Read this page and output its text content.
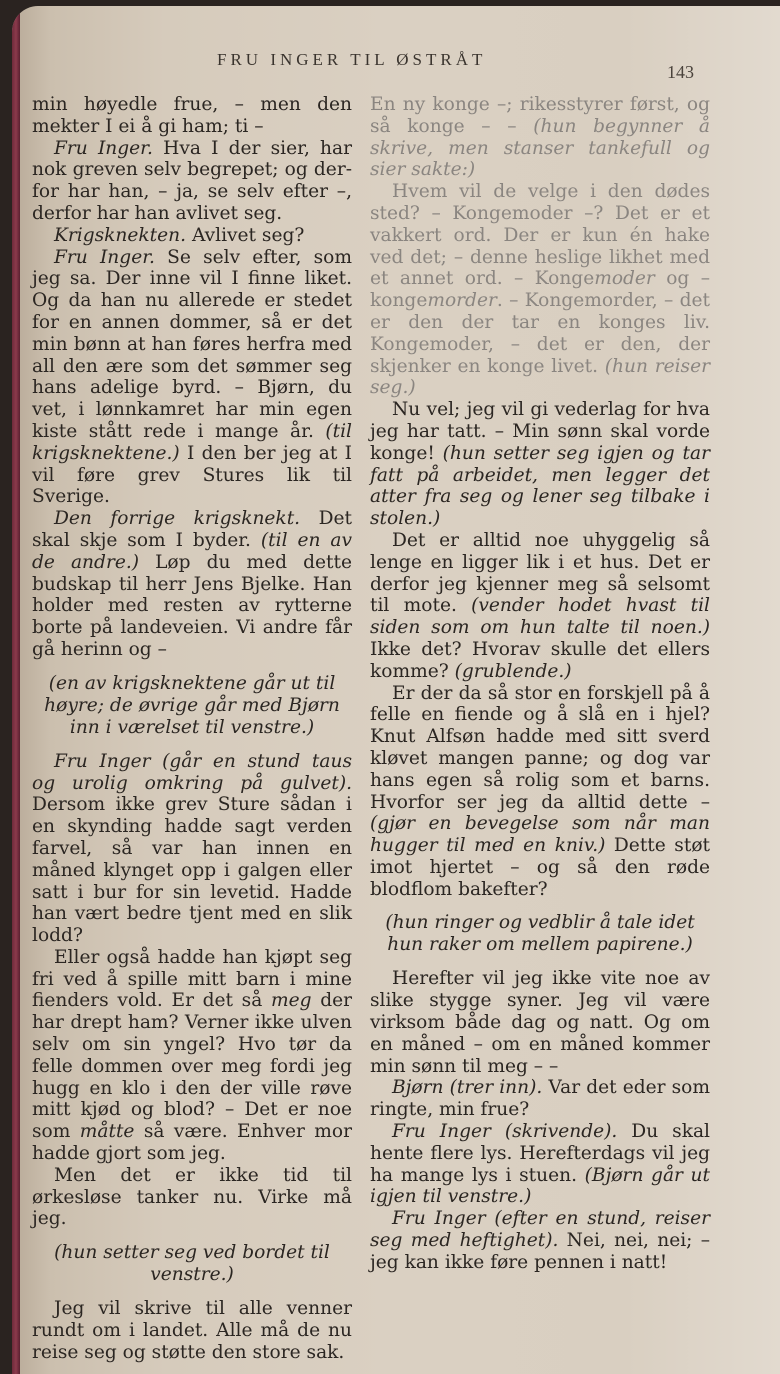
FRU INGER TIL ØSTRÅT
143

min høyedle frue, – men den mekter I ei å gi ham; ti –

Fru Inger. Hva I der sier, har nok greven selv begrepet; og derfor har han, – ja, se selv efter –, derfor har han avlivet seg.

Krigsknekten. Avlivet seg?

Fru Inger. Se selv efter, som jeg sa. Der inne vil I finne liket. Og da han nu allerede er stedet for en annen dommer, så er det min bønn at han føres herfra med all den ære som det sømmer seg hans adelige byrd. – Bjørn, du vet, i lønnkamret har min egen kiste stått rede i mange år. (til krigsknektene.) I den ber jeg at I vil føre grev Stures lik til Sverige.

Den forrige krigsknekt. Det skal skje som I byder. (til en av de andre.) Løp du med dette budskap til herr Jens Bjelke. Han holder med resten av rytterne borte på landeveien. Vi andre får gå herinn og –

(en av krigsknektene går ut til høyre; de øvrige går med Bjørn inn i værelset til venstre.)

Fru Inger (går en stund taus og urolig omkring på gulvet). Dersom ikke grev Sture sådan i en skynding hadde sagt verden farvel, så var han innen en måned klynget opp i galgen eller satt i bur for sin levetid. Hadde han vært bedre tjent med en slik lodd?

Eller også hadde han kjøpt seg fri ved å spille mitt barn i mine fienders vold. Er det så meg der har drept ham? Verner ikke ulven selv om sin yngel? Hvo tør da felle dommen over meg fordi jeg hugg en klo i den der ville røve mitt kjød og blod? – Det er noe som måtte så være. Enhver mor hadde gjort som jeg.

Men det er ikke tid til ørkesløse tanker nu. Virke må jeg.

(hun setter seg ved bordet til venstre.)

Jeg vil skrive til alle venner rundt om i landet. Alle må de nu reise seg og støtte den store sak.

En ny konge –; rikesstyrer først, og så konge – – (hun begynner å skrive, men stanser tankefull og sier sakte:)

Hvem vil de velge i den dødes sted? – Kongemoder –? Det er et vakkert ord. Der er kun én hake ved det; – denne heslige likhet med et annet ord. – Kongemoder og – kongemorder. – Kongemorder, – det er den der tar en konges liv. Kongemoder, – det er den, der skjenker en konge livet. (hun reiser seg.)

Nu vel; jeg vil gi vederlag for hva jeg har tatt. – Min sønn skal vorde konge! (hun setter seg igjen og tar fatt på arbeidet, men legger det atter fra seg og lener seg tilbake i stolen.)

Det er alltid noe uhyggelig så lenge en ligger lik i et hus. Det er derfor jeg kjenner meg så selsomt til mote. (vender hodet hvast til siden som om hun talte til noen.) Ikke det? Hvorav skulle det ellers komme? (grublende.)

Er der da så stor en forskjell på å felle en fiende og å slå en i hjel? Knut Alfsøn hadde med sitt sverd kløvet mangen panne; og dog var hans egen så rolig som et barns. Hvorfor ser jeg da alltid dette – (gjør en bevegelse som når man hugger til med en kniv.) Dette støt imot hjertet – og så den røde blodflom bakefter?

(hun ringer og vedblir å tale idet hun raker om mellem papirene.)

Herefter vil jeg ikke vite noe av slike stygge syner. Jeg vil være virksom både dag og natt. Og om en måned – om en måned kommer min sønn til meg – –

Bjørn (trer inn). Var det eder som ringte, min frue?

Fru Inger (skrivende). Du skal hente flere lys. Herefterdags vil jeg ha mange lys i stuen. (Bjørn går ut igjen til venstre.)

Fru Inger (efter en stund, reiser seg med heftighet). Nei, nei, nei; – jeg kan ikke føre pennen i natt!
